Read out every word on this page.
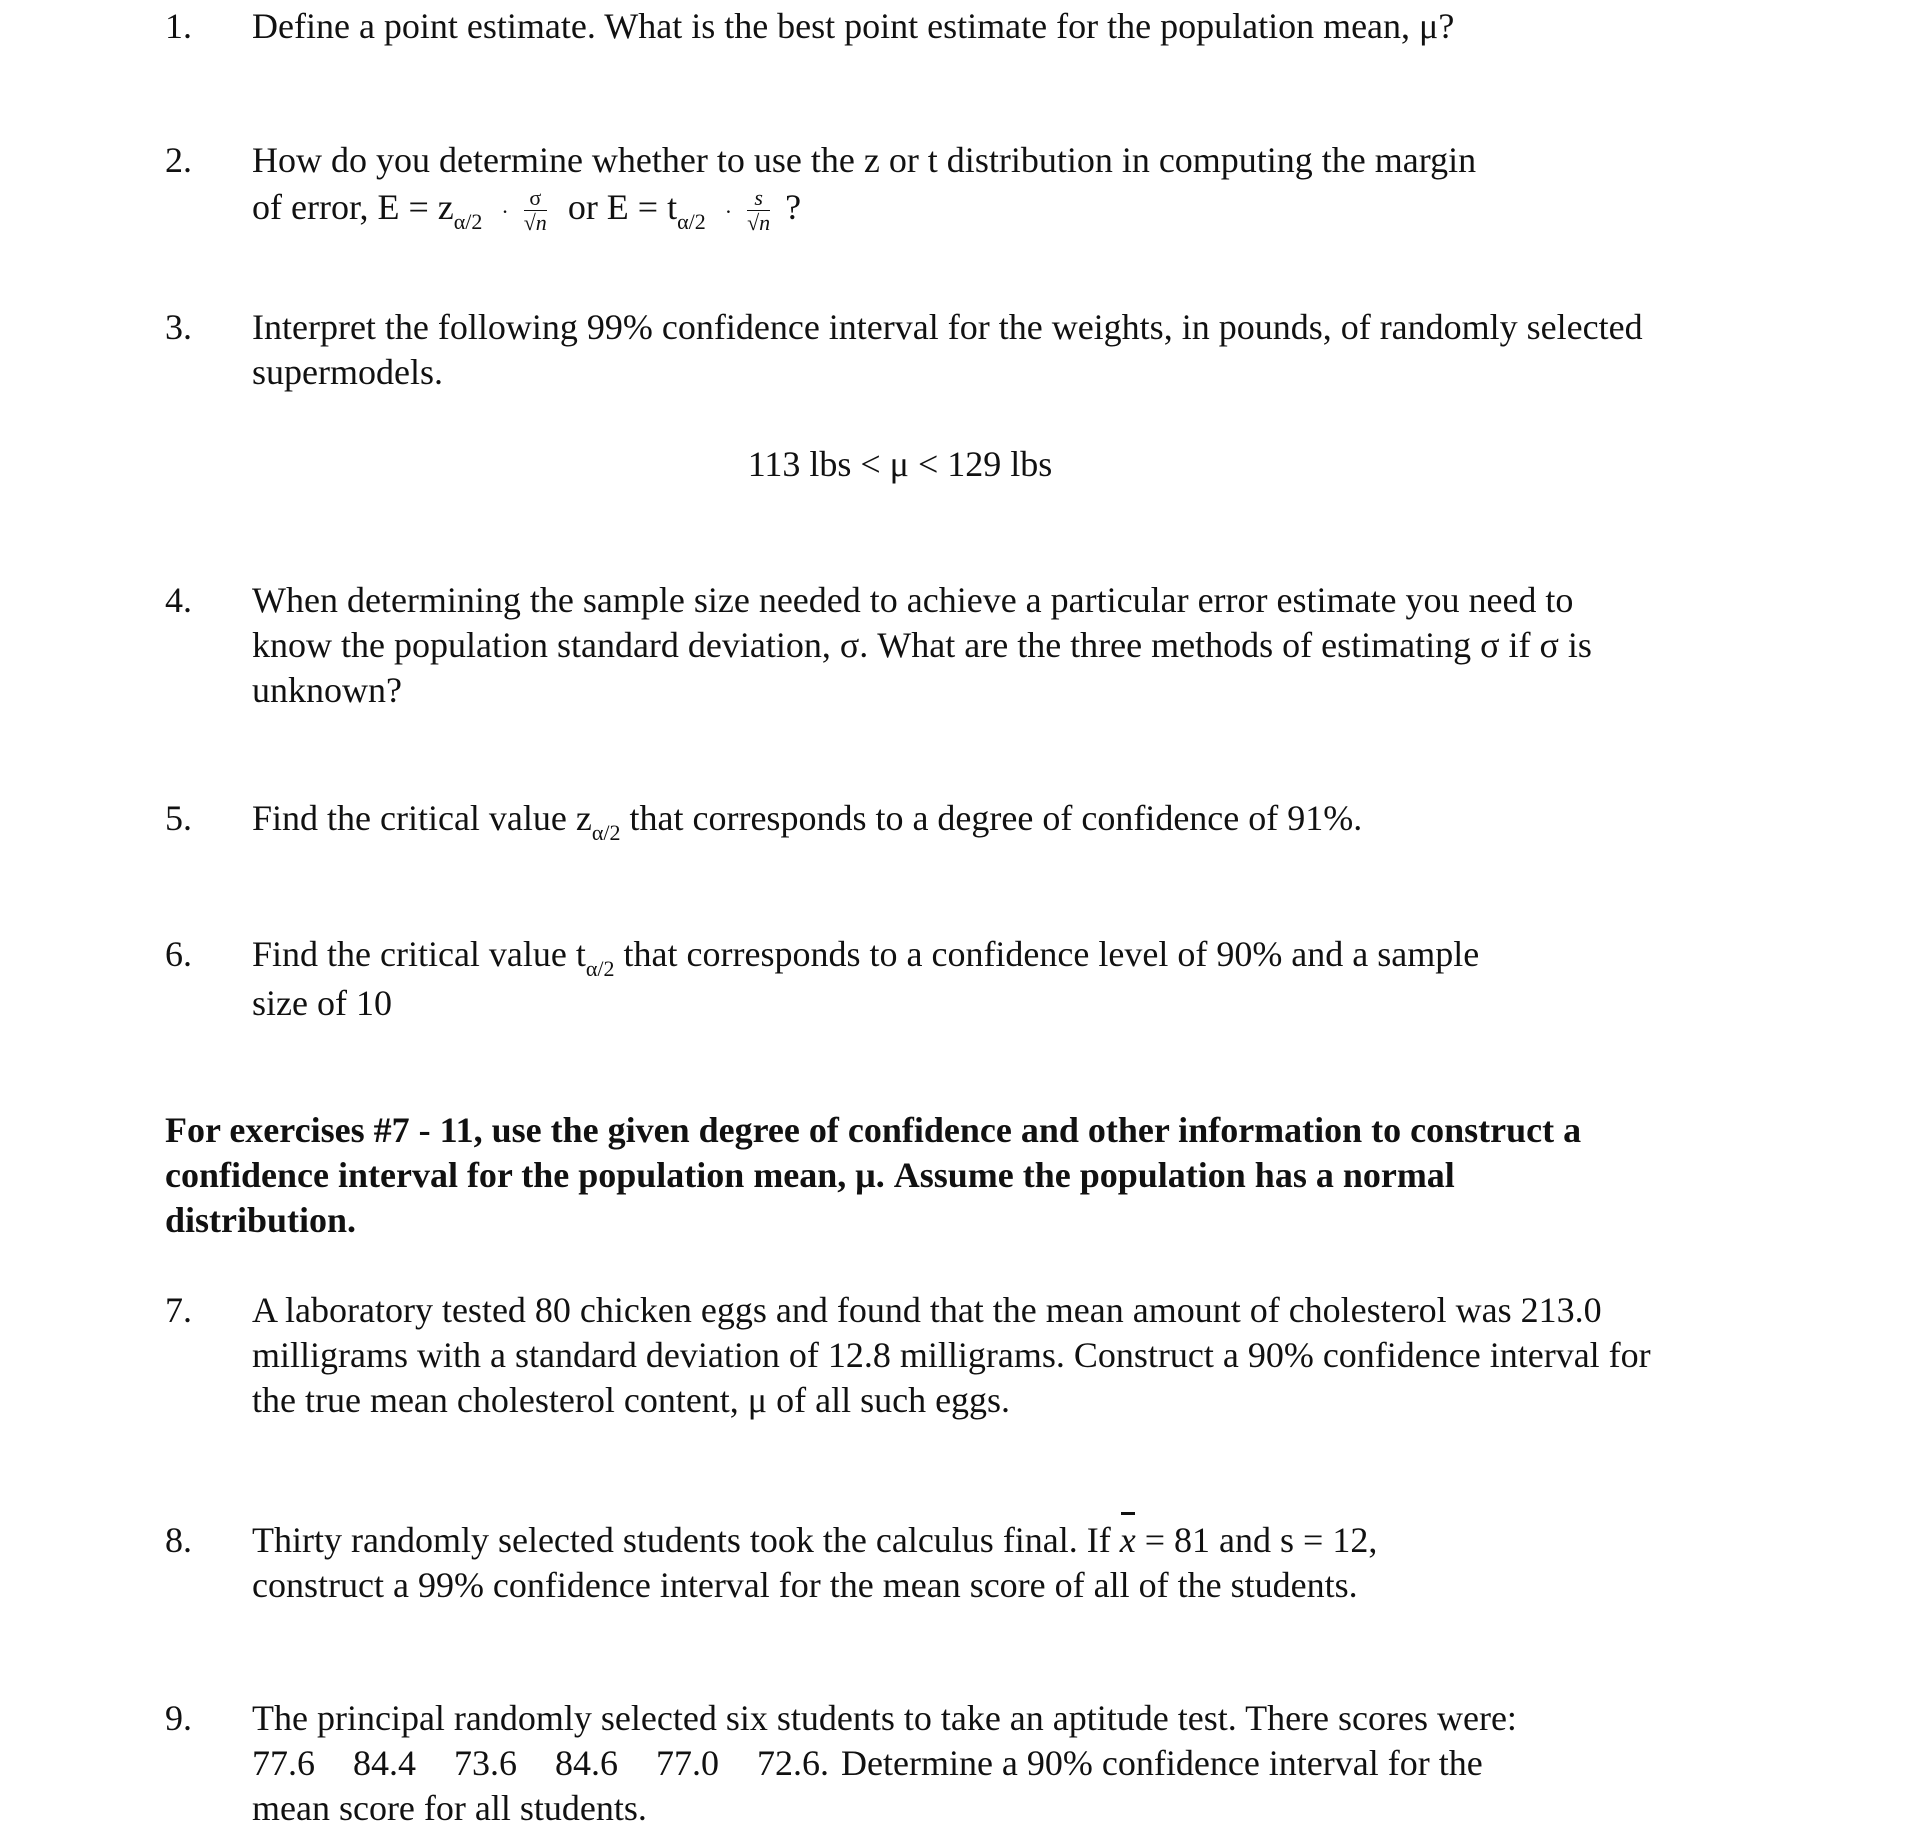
1. Define a point estimate. What is the best point estimate for the population mean, μ?
2. How do you determine whether to use the z or t distribution in computing the margin
of error, $E = z_{\alpha/2} \cdot \frac{\sigma}{√n}$ or $E = t_{\alpha/2} \cdot \frac{s}{√n}$ ?
3. Interpret the following 99% confidence interval for the weights, in pounds, of randomly selected supermodels.
113 lbs < μ < 129 lbs
4. When determining the sample size needed to achieve a particular error estimate you need to know the population standard deviation, σ. What are the three methods of estimating σ if σ is unknown?
5. Find the critical value $z_{\alpha/2}$ that corresponds to a degree of confidence of 91%.
6. Find the critical value $t_{\alpha/2}$ that corresponds to a confidence level of 90% and a sample
size of 10
For exercises #7 - 11, use the given degree of confidence and other information to construct a confidence interval for the population mean, μ. Assume the population has a normal distribution.
7. A laboratory tested 80 chicken eggs and found that the mean amount of cholesterol was 213.0 milligrams with a standard deviation of 12.8 milligrams. Construct a 90% confidence interval for the true mean cholesterol content, μ of all such eggs.
8. Thirty randomly selected students took the calculus final. If x = 81 and s = 12,
construct a 99% confidence interval for the mean score of all of the students.
9. The principal randomly selected six students to take an aptitude test. There scores were:
77.6 84.4 73.6 84.6 77.0 72.6. Determine a 90% confidence interval for the
mean score for all students.
